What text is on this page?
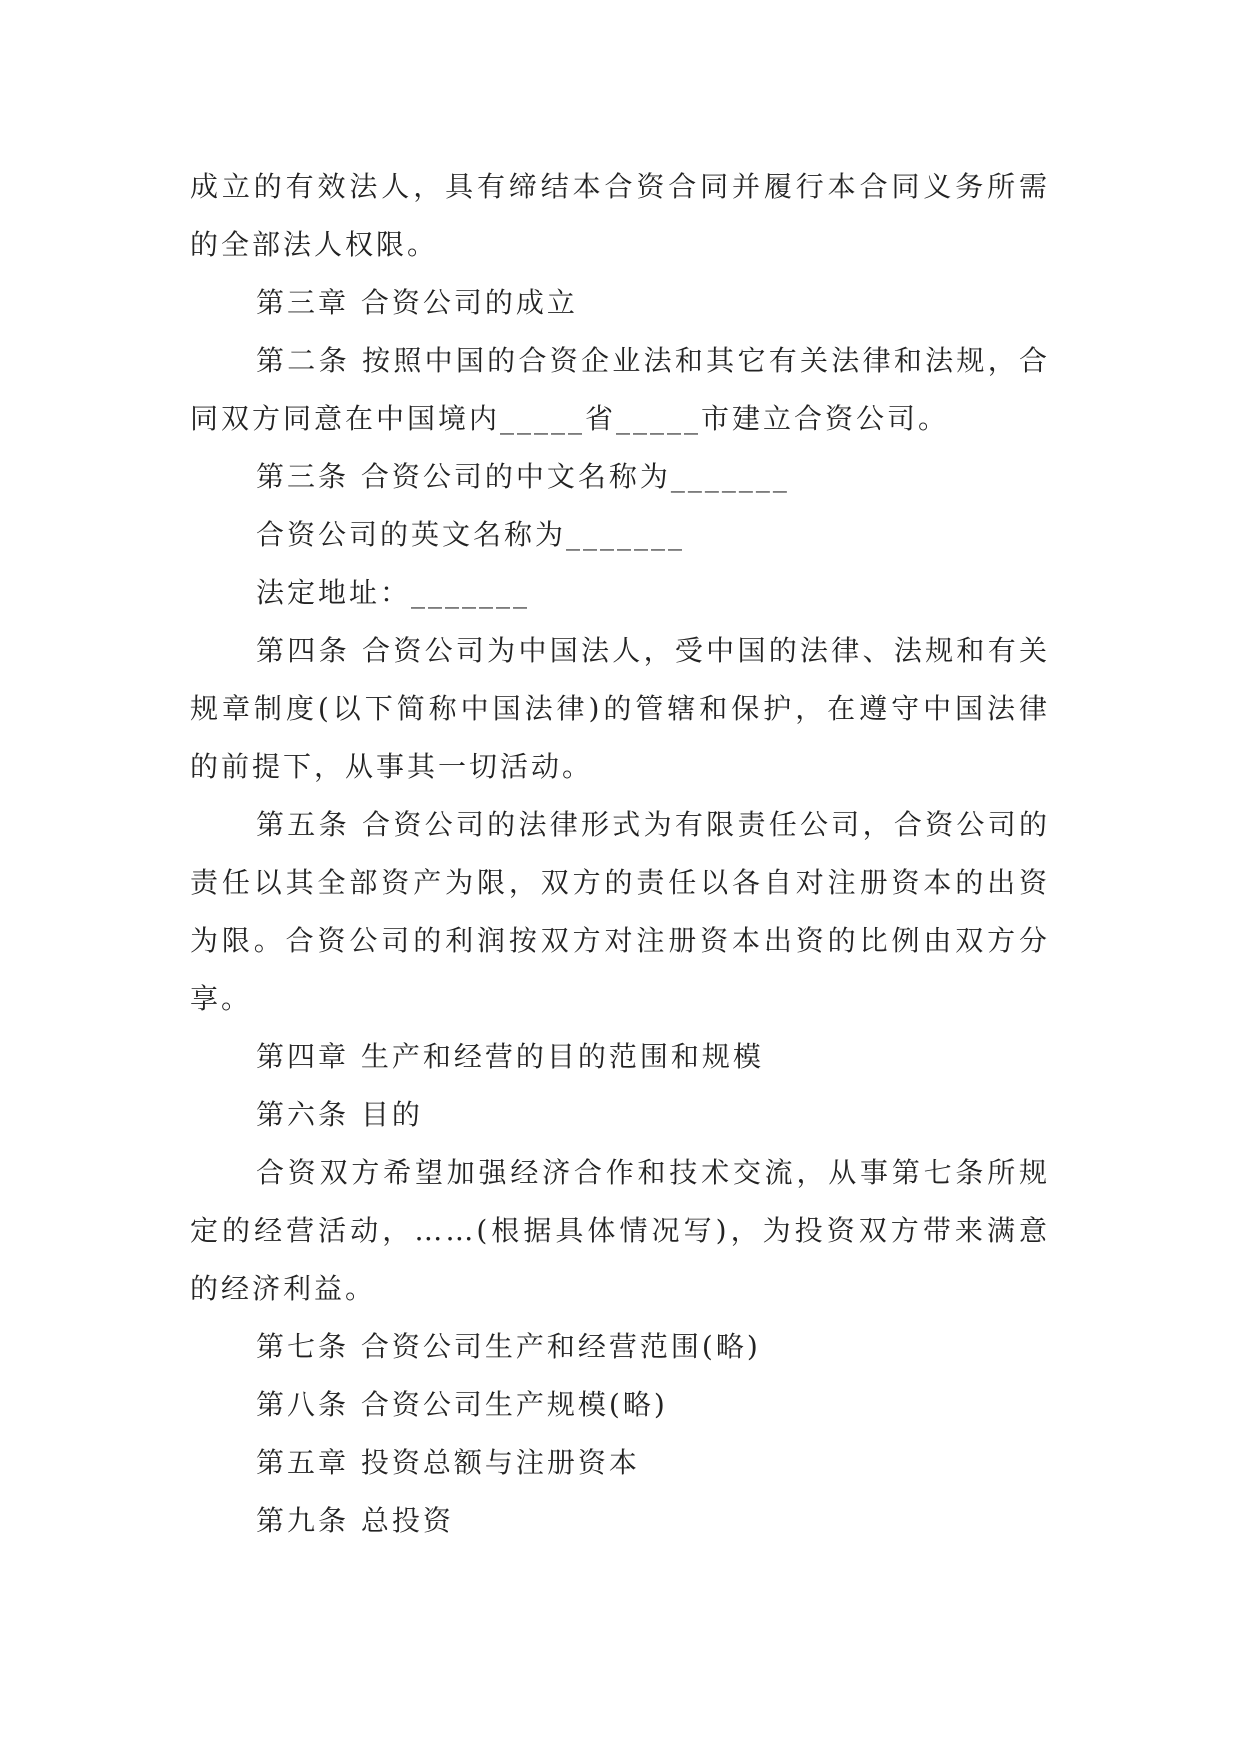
成立的有效法人，具有缔结本合资合同并履行本合同义务所需的全部法人权限。

第三章 合资公司的成立

第二条 按照中国的合资企业法和其它有关法律和法规，合同双方同意在中国境内_____省_____市建立合资公司。

第三条 合资公司的中文名称为_______

合资公司的英文名称为_______

法定地址：_______

第四条 合资公司为中国法人，受中国的法律、法规和有关规章制度(以下简称中国法律)的管辖和保护，在遵守中国法律的前提下，从事其一切活动。

第五条 合资公司的法律形式为有限责任公司，合资公司的责任以其全部资产为限，双方的责任以各自对注册资本的出资为限。合资公司的利润按双方对注册资本出资的比例由双方分享。

第四章 生产和经营的目的范围和规模

第六条 目的

合资双方希望加强经济合作和技术交流，从事第七条所规定的经营活动，……(根据具体情况写)，为投资双方带来满意的经济利益。

第七条 合资公司生产和经营范围(略)

第八条 合资公司生产规模(略)

第五章 投资总额与注册资本

第九条 总投资
